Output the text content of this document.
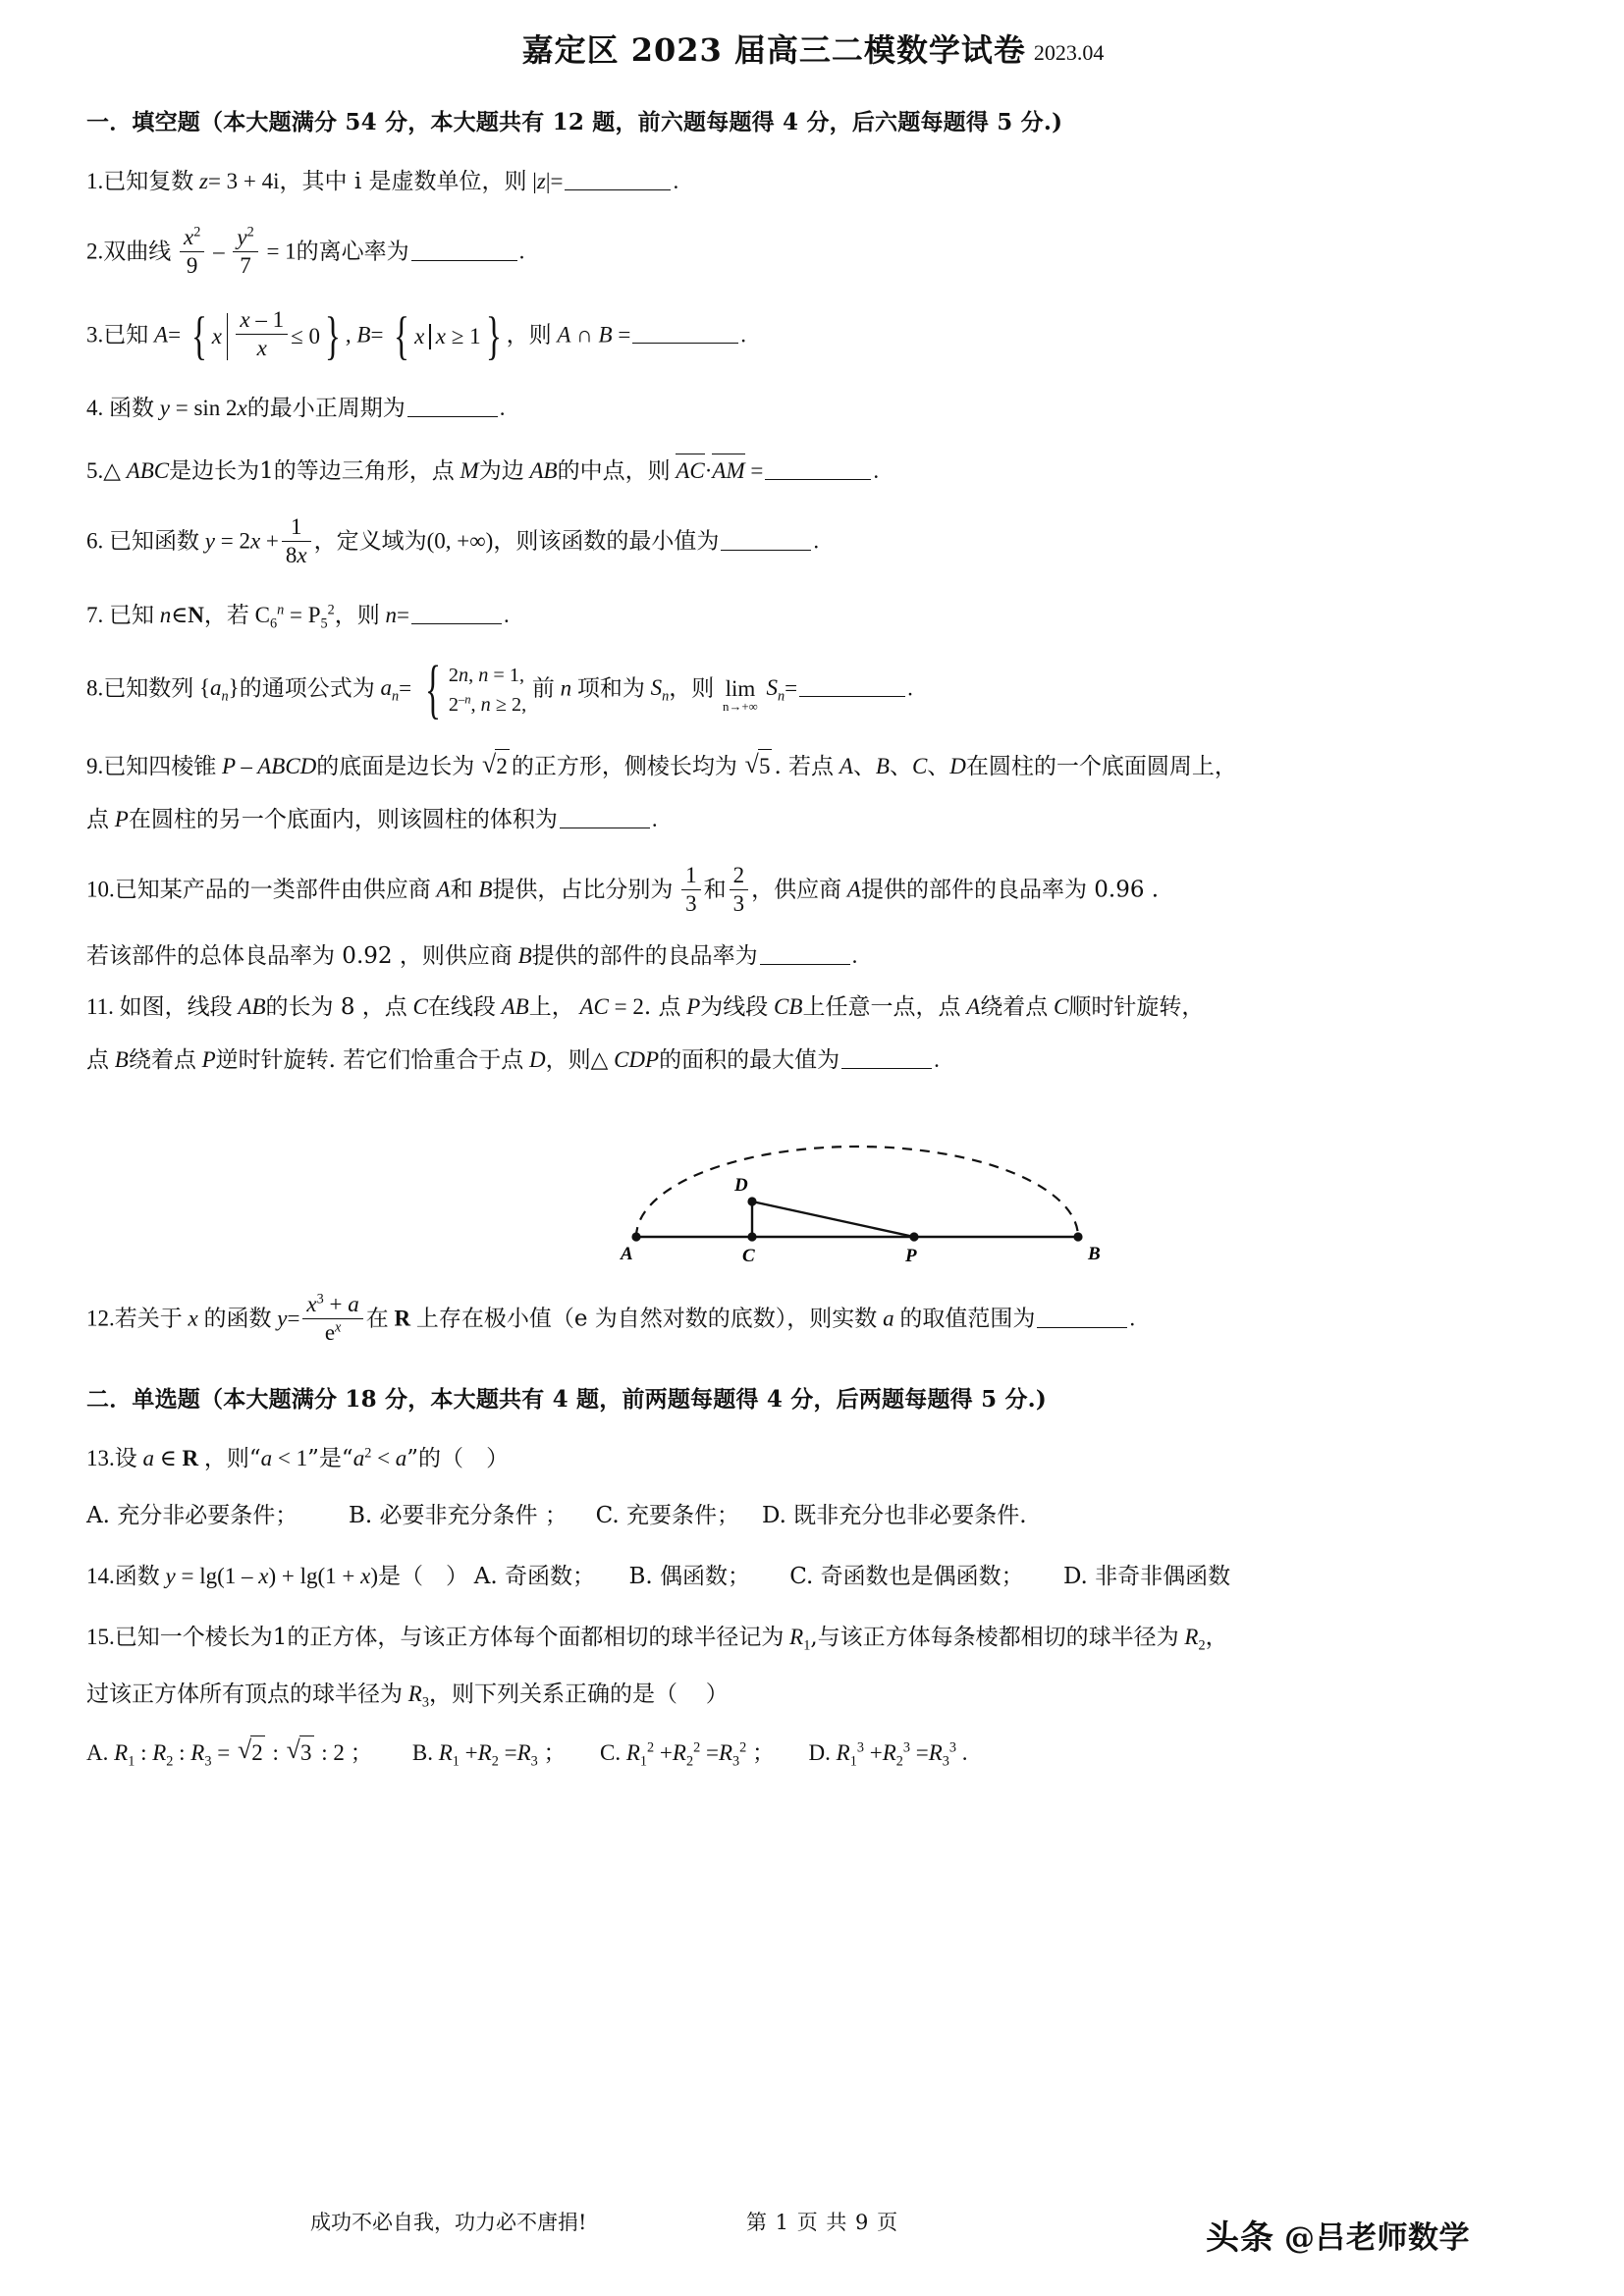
嘉定区 2023 届高三二模数学试卷 2023.04
一．填空题（本大题满分 54 分，本大题共有 12 题，前六题每题得 4 分，后六题每题得 5 分.)
1.已知复数 z= 3 + 4i，其中 i 是虚数单位，则 |z|=	.
2.双曲线 $\frac{x^2}{9} - \frac{y^2}{7} = 1$的离心率为	.
3.已知 A= { x $\frac{x - 1}{x} \le 0$ } , B= { x x ≥ 1 } ，则 A ∩ B =	.
4. 函数 y = sin 2x的最小正周期为	.
5.△ ABC是边长为1的等边三角形，点 M为边 AB的中点，则 AC·AM =	.
6. 已知函数 $y = 2x + \frac{1}{8x}$ ，定义域为(0, +∞)，则该函数的最小值为	.
7. 已知 n∈N，若 $C_6^n = P_5^2$，则 n=	.
8.已知数列 $\{a_n\}$的通项公式为 $a_n=$ { 2n, n = 1,
$2^{-n}$, n ≥ 2,
前 n 项和为 $S_n$，则 lim
n→+∞
$S_n=$	.
9.已知四棱锥 P – ABCD的底面是边长为 √ 2 的正方形，侧棱长均为 √ 5 . 若点 A、B、C、D在圆柱的一个底面圆周上，
点 P在圆柱的另一个底面内，则该圆柱的体积为	.
10.已知某产品的一类部件由供应商 A和 B提供，占比分别为 $\frac{1}{3}$ 和 $\frac{2}{3}$ ，供应商 A提供的部件的良品率为 0.96 .
若该部件的总体良品率为 0.92 ，则供应商 B提供的部件的良品率为	.
11. 如图，线段 AB的长为 8 ，点 C在线段 AB上， AC = 2. 点 P为线段 CB上任意一点，点 A绕着点 C顺时针旋转，
点 B绕着点 P逆时针旋转. 若它们恰重合于点 D，则△ CDP的面积的最大值为	.
A	C	P	B
D
12.若关于 x 的函数 $y= \frac{x^3 + a}{e^x}$ 在 R 上存在极小值（e 为自然对数的底数），则实数 a 的取值范围为	.
二．单选题（本大题满分 18 分，本大题共有 4 题，前两题每题得 4 分，后两题每题得 5 分.)
13.设 a ∈ R ，则“a < 1”是“$a^2 < a$”的（ ）
A. 充分非必要条件； B. 必要非充分条件 ； C. 充要条件； D. 既非充分也非必要条件.
14.函数 y = lg(1 – x) + lg(1 + x)是（ ） A. 奇函数； B. 偶函数； C. 奇函数也是偶函数； D. 非奇非偶函数
15.已知一个棱长为1的正方体，与该正方体每个面都相切的球半径记为 $R_1$,与该正方体每条棱都相切的球半径为 $R_2$，
过该正方体所有顶点的球半径为 $R_3$，则下列关系正确的是（ ）
A. $R_1$ : $R_2$ : $R_3$ = √ 2 : √ 3 : 2 ； B. $R_1 +R_2 =R_3$ ； C. $R_1^2 +R_2^2 =R_3^2$ ； D. $R_1^3 +R_2^3 =R_3^3$ .
成功不必自我，功力必不唐捐!	第 1 页 共 9 页	头条 @吕老师数学
